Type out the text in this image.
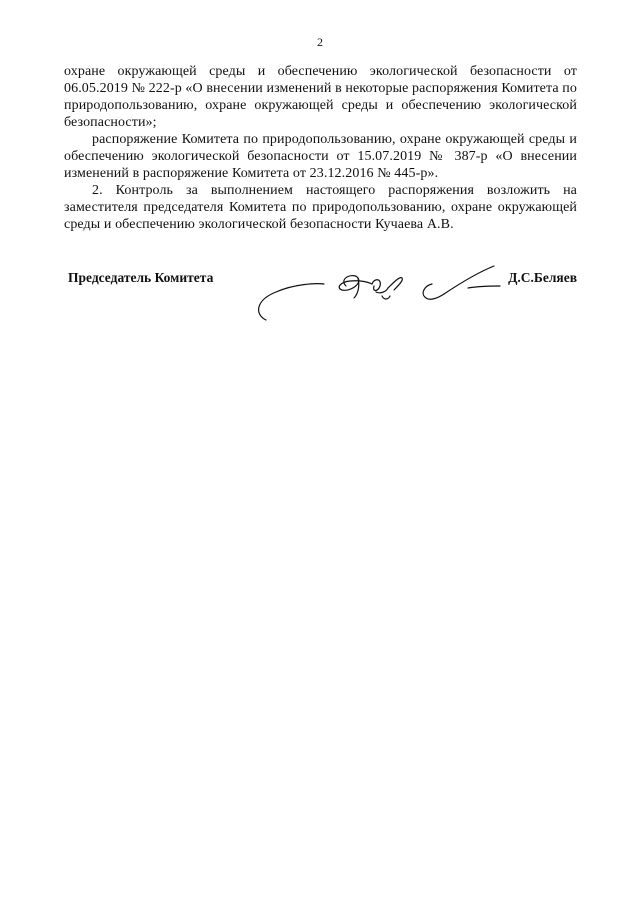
2

охране окружающей среды и обеспечению экологической безопасности от 06.05.2019 № 222-р «О внесении изменений в некоторые распоряжения Комитета по природопользованию, охране окружающей среды и обеспечению экологической безопасности»;

распоряжение Комитета по природопользованию, охране окружающей среды и обеспечению экологической безопасности от 15.07.2019 № 387-р «О внесении изменений в распоряжение Комитета от 23.12.2016 № 445-р».

2. Контроль за выполнением настоящего распоряжения возложить на заместителя председателя Комитета по природопользованию, охране окружающей среды и обеспечению экологической безопасности Кучаева А.В.

Председатель Комитета	Д.С.Беляев
